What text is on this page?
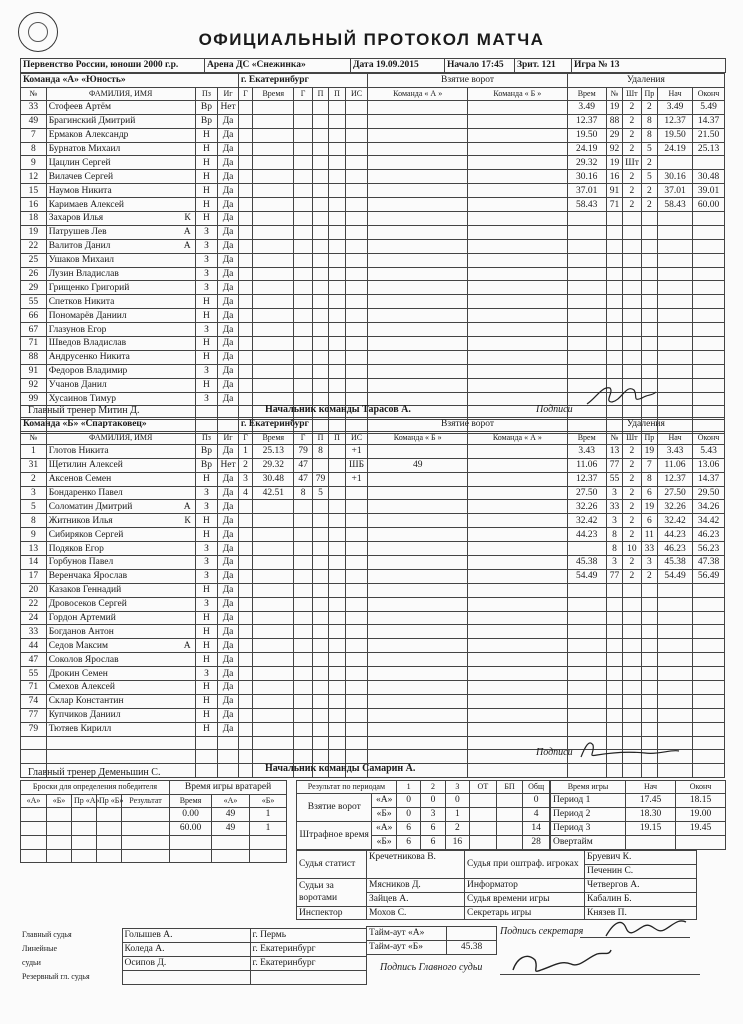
ОФИЦИАЛЬНЫЙ ПРОТОКОЛ МАТЧА
Первенство России, юноши 2000 г.р.	Арена ДС «Снежинка»	Дата 19.09.2015	Начало 17:45	Зрит. 121	Игра № 13
Команда «А» «Юность»				г. Екатеринбург						Взятие ворот		Удаления					
№	ФАМИЛИЯ, ИМЯ	Пз	Иг	Г	Время	Г	П	П	ИС	Команда « А »	Команда « Б »	Врем	№	Шт	Пр	Нач	Оконч
33	Стофеев Артём	Вр	Нет									3.49	19	2	2	3.49	5.49
49	Брагинский Дмитрий	Вр	Да									12.37	88	2	8	12.37	14.37
7	Ермаков Александр	Н	Да									19.50	29	2	8	19.50	21.50
8	Бурнатов Михаил	Н	Да									24.19	92	2	5	24.19	25.13
9	Цацлин Сергей	Н	Да									29.32	19	Шт	2		
12	Вилачев Сергей	Н	Да									30.16	16	2	5	30.16	30.48
15	Наумов Никита	Н	Да									37.01	91	2	2	37.01	39.01
16	Каримаев Алексей	Н	Да									58.43	71	2	2	58.43	60.00
18	Захаров Илья К	Н	Да														
19	Патрушев Лев А	З	Да														
22	Валитов Данил А	З	Да														
25	Ушаков Михаил	З	Да														
26	Лузин Владислав	З	Да														
29	Грищенко Григорий	З	Да														
55	Спетков Никита	Н	Да														
66	Пономарёв Даниил	Н	Да														
67	Глазунов Егор	З	Да														
71	Шведов Владислав	Н	Да														
88	Андрусенко Никита	Н	Да														
91	Федоров Владимир	З	Да														
92	Учанов Данил	Н	Да														
99	Хусаинов Тимур	З	Да														

Главный тренер Митин Д.	Начальник команды Тарасов А.	Подписи
Команда «Б» «Спартаковец»				г. Екатеринбург						Взятие ворот		Удаления					
№	ФАМИЛИЯ, ИМЯ	Пз	Иг	Г	Время	Г	П	П	ИС	Команда « Б »	Команда « А »	Врем	№	Шт	Пр	Нач	Оконч
1	Глотов Никита	Вр	Да	1	25.13	79	8		+1			3.43	13	2	19	3.43	5.43
31	Щетилин Алексей	Вр	Нет	2	29.32	47			ШБ	49		11.06	77	2	7	11.06	13.06
2	Аксенов Семен	Н	Да	3	30.48	47	79		+1			12.37	55	2	8	12.37	14.37
3	Бондаренко Павел	З	Да	4	42.51	8	5					27.50	3	2	6	27.50	29.50
5	Соломатин Дмитрий А	З	Да									32.26	33	2	19	32.26	34.26
8	Житников Илья К	Н	Да									32.42	3	2	6	32.42	34.42
9	Сибиряков Сергей	Н	Да									44.23	8	2	11	44.23	46.23
13	Подяков Егор	З	Да										8	10	33	46.23	56.23
14	Горбунов Павел	З	Да									45.38	3	2	3	45.38	47.38
17	Веренчака Ярослав	З	Да									54.49	77	2	2	54.49	56.49
20	Казаков Геннадий	Н	Да														
22	Дровосеков Сергей	З	Да														
24	Гордон Артемий	Н	Да														
33	Богданов Антон	Н	Да														
44	Седов Максим А	Н	Да														
47	Соколов Ярослав	Н	Да														
55	Дрокин Семен	З	Да														
71	Смехов Алексей	Н	Да														
74	Склар Константин	Н	Да														
77	Купчиков Даниил	Н	Да														
79	Тютяев Кирилл	Н	Да														

Главный тренер Деменьшин С.	Начальник команды Самарин А.
Подписи
Броски для определения победителя					Время игры вратарей		
«А»	«Б»	Пр «А»	Пр «Б»	Результат	Время	«А»	«Б»
					0.00	49	1
					60.00	49	1

Результат по периодам		1	2	3	ОТ	БП	Общ
Взятие ворот	«А»	0	0	0			0
	«Б»	0	3	1			4
Штрафное время	«А»	6	6	2			14
	«Б»	6	6	16			28
Время игры	Нач	Оконч
Период 1	17.45	18.15
Период 2	18.30	19.00
Период 3	19.15	19.45
Овертайм		
Судья статист	Кречетникова В.	Судья при оштраф. игроках	Бруевич К.
			Печенин С.
Судьи за воротами	Мясников Д.	Информатор	Четвергов А.
	Зайцев А.	Судья времени игры	Кабалин Б.
Инспектор	Мохов С.	Секретарь игры	Князев П.
Главный судья	Голышев А.	г. Пермь
Линейные	Коледа А.	г. Екатеринбург
судьи	Осипов Д.	г. Екатеринбург
Резервный гл. судья		
Тайм-аут «А»	
Тайм-аут «Б»	45.38
Подпись секретаря
Подпись Главного судьи
